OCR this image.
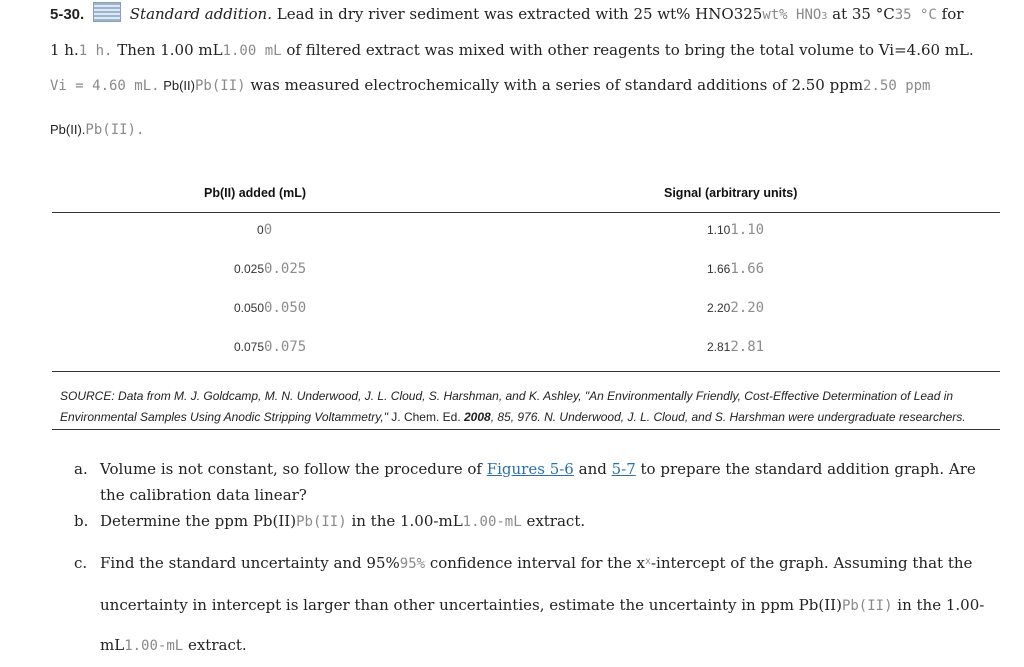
5-30.	Standard addition. Lead in dry river sediment was extracted with 25 wt% HNO325wt% HNO3 at 35 °C35 °C for
1 h.1 h. Then 1.00 mL1.00 mL of filtered extract was mixed with other reagents to bring the total volume to Vi=4.60 mL.
Vi = 4.60 mL. Pb(II)Pb(II) was measured electrochemically with a series of standard additions of 2.50 ppm2.50 ppm
Pb(II).Pb(II).
Pb(II) added (mL)	Signal (arbitrary units)
00	1.101.10
0.0250.025	1.661.66
0.0500.050	2.202.20
0.0750.075	2.812.81
SOURCE: Data from M. J. Goldcamp, M. N. Underwood, J. L. Cloud, S. Harshman, and K. Ashley, "An Environmentally Friendly, Cost-Effective Determination of Lead in
Environmental Samples Using Anodic Stripping Voltammetry," J. Chem. Ed. 2008, 85, 976. N. Underwood, J. L. Cloud, and S. Harshman were undergraduate researchers.
a. Volume is not constant, so follow the procedure of Figures 5-6 and 5-7 to prepare the standard addition graph. Are
the calibration data linear?
b. Determine the ppm Pb(II)Pb(II) in the 1.00-mL1.00-mL extract.
c. Find the standard uncertainty and 95%95% confidence interval for the $x^x$-intercept of the graph. Assuming that the
uncertainty in intercept is larger than other uncertainties, estimate the uncertainty in ppm Pb(II)Pb(II) in the 1.00-
mL1.00-mL extract.
